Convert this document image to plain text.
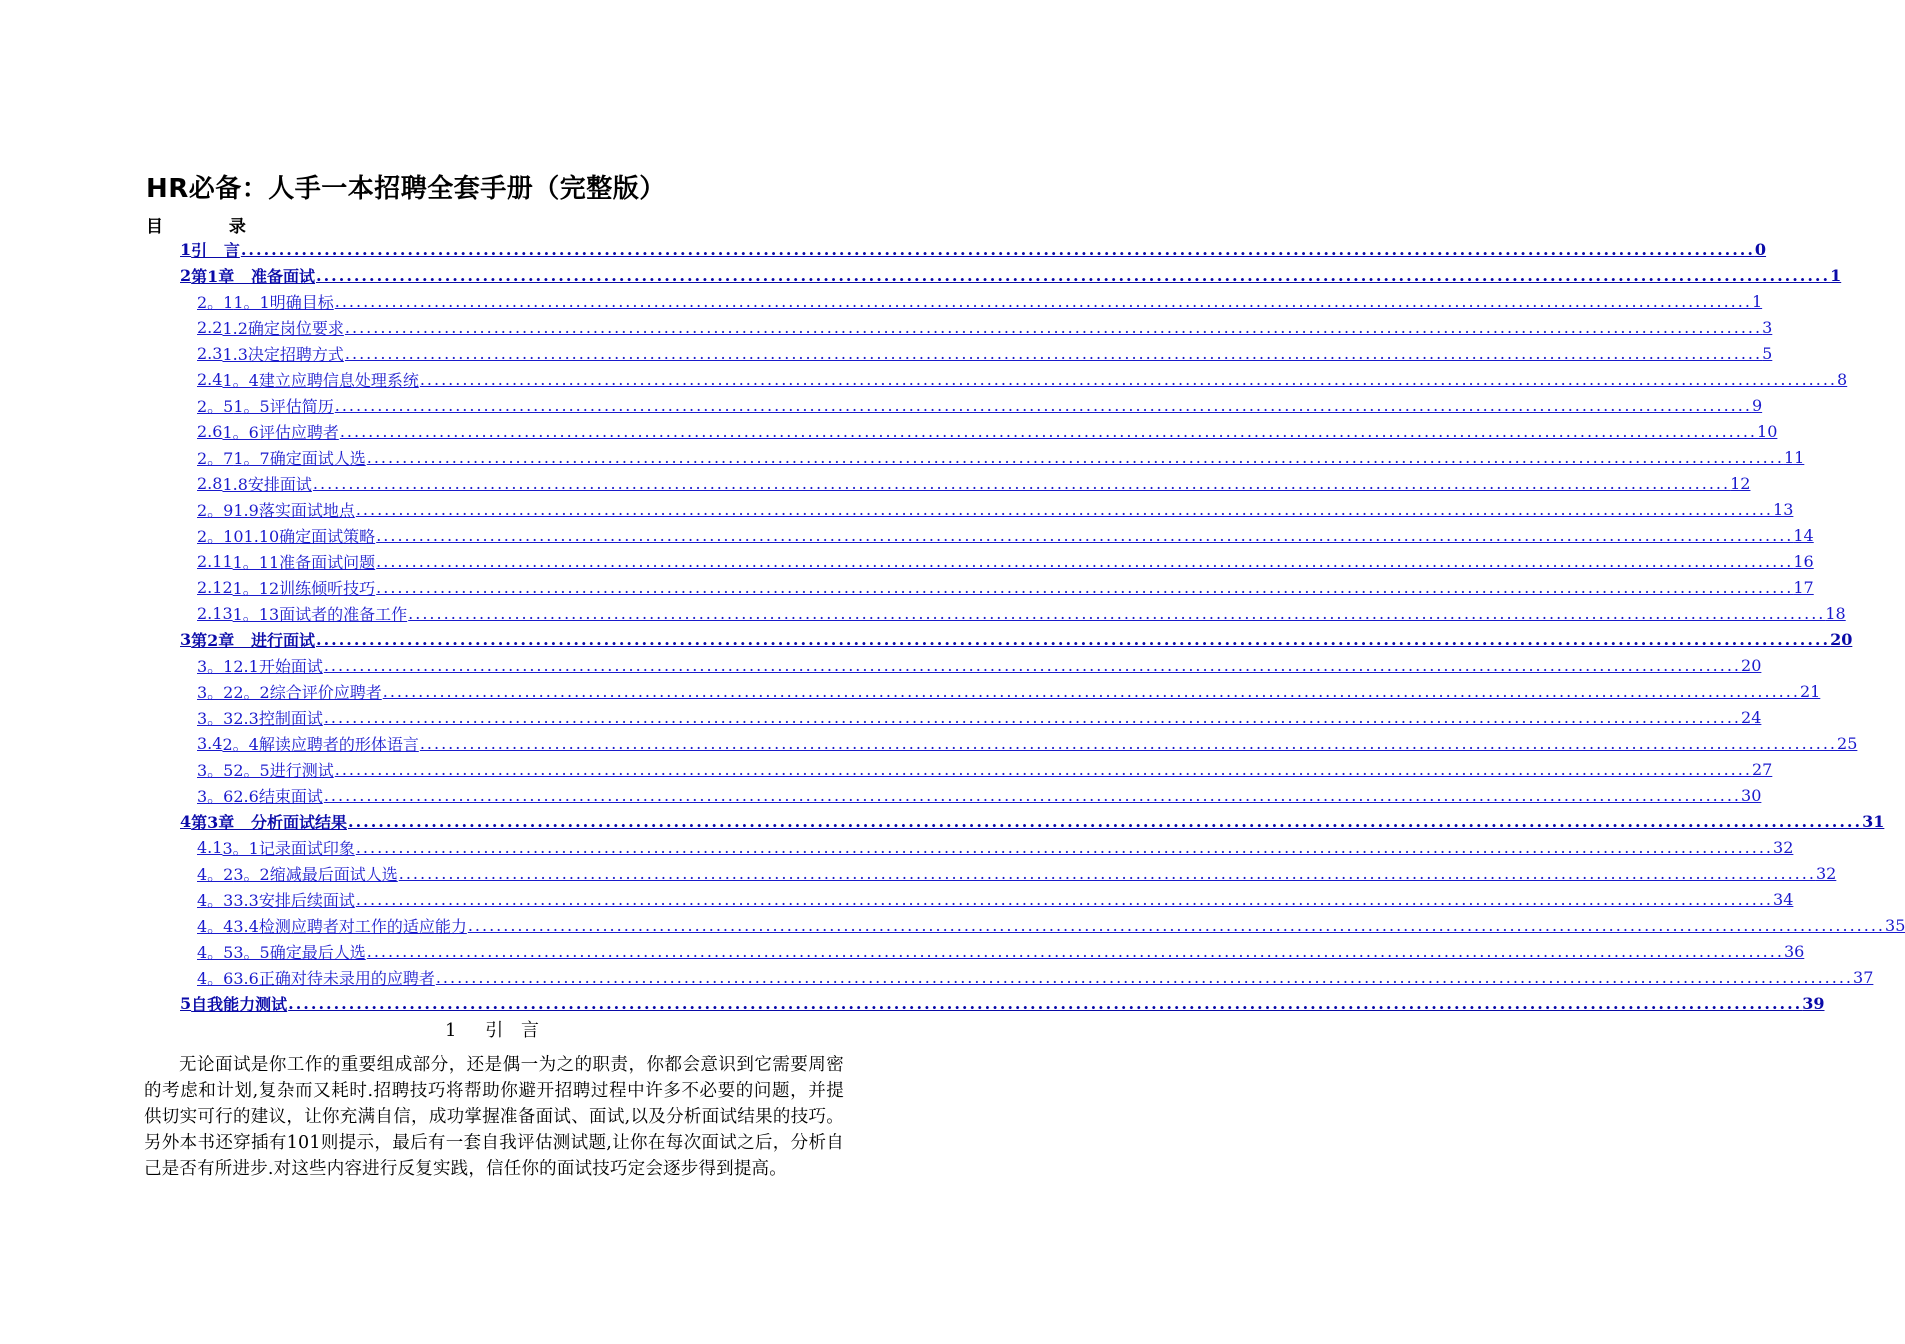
HR必备：人手一本招聘全套手册（完整版）
目 录
1 引   言 ........................................................................................................................................................................................................ 0
2 第1章   准备面试 ........................................................................................................................................................................................................ 1
2。1 1。1明确目标 ........................................................................................................................................................................................................ 1
2.2 1.2确定岗位要求 ........................................................................................................................................................................................................ 3
2.3 1.3决定招聘方式 ........................................................................................................................................................................................................ 5
2.4 1。4建立应聘信息处理系统 ........................................................................................................................................................................................................ 8
2。5 1。5评估简历 ........................................................................................................................................................................................................ 9
2.6 1。6评估应聘者 ........................................................................................................................................................................................................ 10
2。7 1。7确定面试人选 ........................................................................................................................................................................................................ 11
2.8 1.8安排面试 ........................................................................................................................................................................................................ 12
2。9 1.9落实面试地点 ........................................................................................................................................................................................................ 13
2。10 1.10确定面试策略 ........................................................................................................................................................................................................ 14
2.11 1。11准备面试问题 ........................................................................................................................................................................................................ 16
2.12 1。12训练倾听技巧 ........................................................................................................................................................................................................ 17
2.13 1。13面试者的准备工作 ........................................................................................................................................................................................................ 18
3 第2章   进行面试 ........................................................................................................................................................................................................ 20
3。1 2.1开始面试 ........................................................................................................................................................................................................ 20
3。2 2。2综合评价应聘者 ........................................................................................................................................................................................................ 21
3。3 2.3控制面试 ........................................................................................................................................................................................................ 24
3.4 2。4解读应聘者的形体语言 ........................................................................................................................................................................................................ 25
3。5 2。5进行测试 ........................................................................................................................................................................................................ 27
3。6 2.6结束面试 ........................................................................................................................................................................................................ 30
4 第3章   分析面试结果 ........................................................................................................................................................................................................ 31
4.1 3。1记录面试印象 ........................................................................................................................................................................................................ 32
4。2 3。2缩减最后面试人选 ........................................................................................................................................................................................................ 32
4。3 3.3安排后续面试 ........................................................................................................................................................................................................ 34
4。4 3.4检测应聘者对工作的适应能力 ........................................................................................................................................................................................................ 35
4。5 3。5确定最后人选 ........................................................................................................................................................................................................ 36
4。6 3.6正确对待未录用的应聘者 ........................................................................................................................................................................................................ 37
5 自我能力测试 ........................................................................................................................................................................................................ 39
1 引 言
无论面试是你工作的重要组成部分，还是偶一为之的职责，你都会意识到它需要周密的考虑和计划,复杂而又耗时.招聘技巧将帮助你避开招聘过程中许多不必要的问题，并提供切实可行的建议，让你充满自信，成功掌握准备面试、面试,以及分析面试结果的技巧。另外本书还穿插有101则提示，最后有一套自我评估测试题,让你在每次面试之后，分析自己是否有所进步.对这些内容进行反复实践，信任你的面试技巧定会逐步得到提高。
